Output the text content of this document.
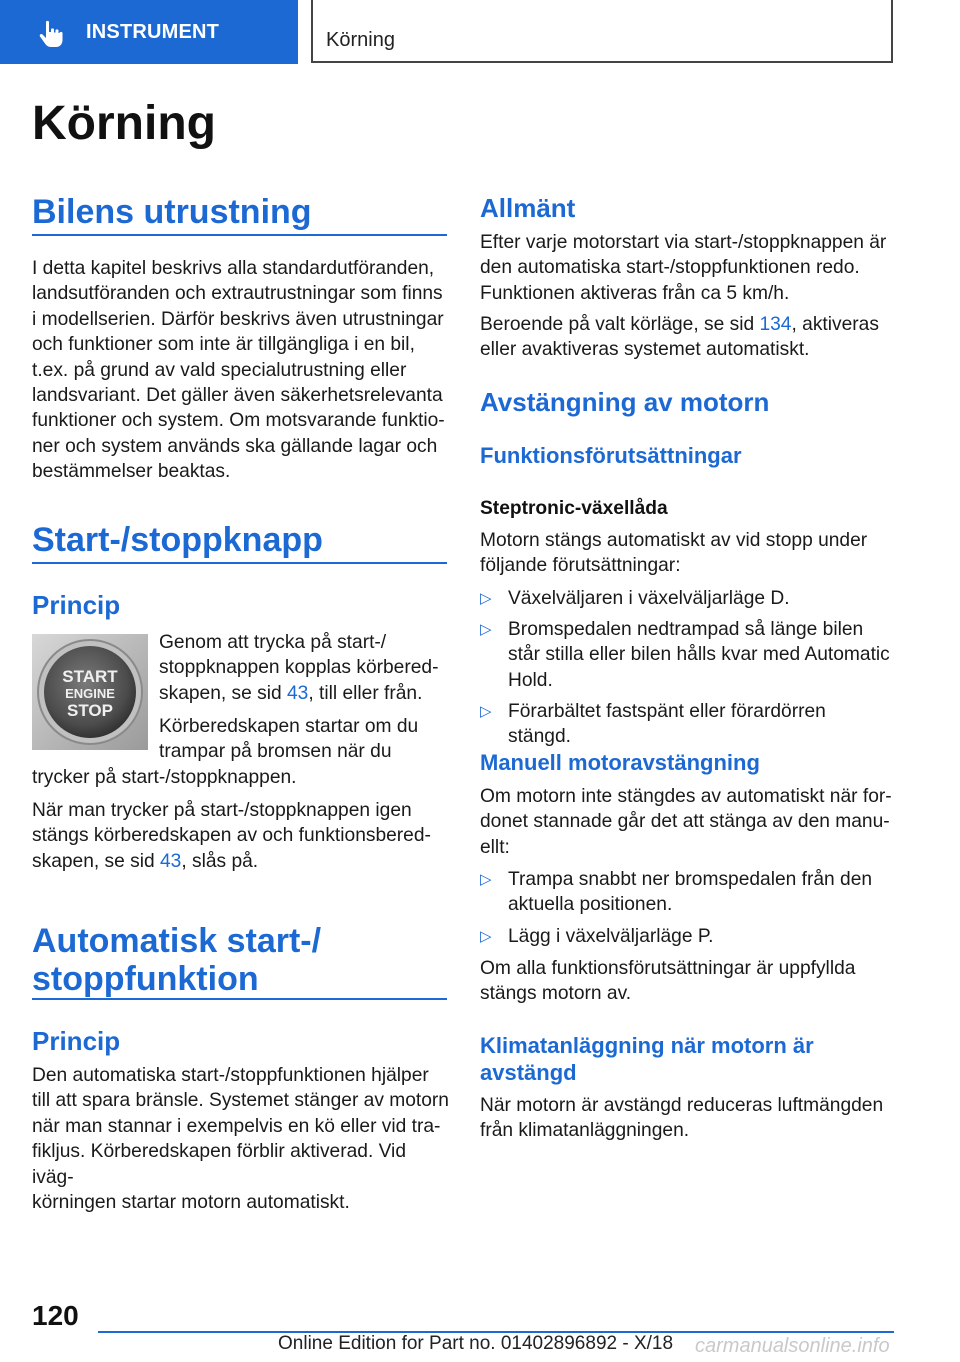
INSTRUMENT	Körning
Körning
Bilens utrustning

I detta kapitel beskrivs alla standardutföranden,
landsutföranden och extrautrustningar som finns
i modellserien. Därför beskrivs även utrustningar
och funktioner som inte är tillgängliga i en bil,
t.ex. på grund av vald specialutrustning eller
landsvariant. Det gäller även säkerhetsrelevanta
funktioner och system. Om motsvarande funktio-
ner och system används ska gällande lagar och
bestämmelser beaktas.

Start-/stoppknapp
Princip

Genom att trycka på start-/
stoppknappen kopplas körbered-
skapen, se sid 43, till eller från.

Körberedskapen startar om du
trampar på bromsen när du

trycker på start-/stoppknappen.

När man trycker på start-/stoppknappen igen
stängs körberedskapen av och funktionsbered-
skapen, se sid 43, slås på.

Automatisk start-/
stoppfunktion
Princip

Den automatiska start-/stoppfunktionen hjälper
till att spara bränsle. Systemet stänger av motorn
när man stannar i exempelvis en kö eller vid tra-
fikljus. Körberedskapen förblir aktiverad. Vid iväg-
körningen startar motorn automatiskt.

START
ENGINE
STOP
Allmänt

Efter varje motorstart via start-/stoppknappen är
den automatiska start-/stoppfunktionen redo.
Funktionen aktiveras från ca 5 km/h.

Beroende på valt körläge, se sid 134, aktiveras
eller avaktiveras systemet automatiskt.

Avstängning av motorn
Funktionsförutsättningar

Steptronic-växellåda

Motorn stängs automatiskt av vid stopp under
följande förutsättningar:

▷ Växelväljaren i växelväljarläge D.
▷ Bromspedalen nedtrampad så länge bilen
står stilla eller bilen hålls kvar med Automatic
Hold.
▷ Förarbältet fastspänt eller förardörren stängd.
Manuell motoravstängning

Om motorn inte stängdes av automatiskt när for-
donet stannade går det att stänga av den manu-
ellt:

▷ Trampa snabbt ner bromspedalen från den
aktuella positionen.
▷ Lägg i växelväljarläge P.

Om alla funktionsförutsättningar är uppfyllda
stängs motorn av.

Klimatanläggning när motorn är
avstängd

När motorn är avstängd reduceras luftmängden
från klimatanläggningen.

120
Online Edition for Part no. 01402896892 - X/18 carmanualsonline.info
